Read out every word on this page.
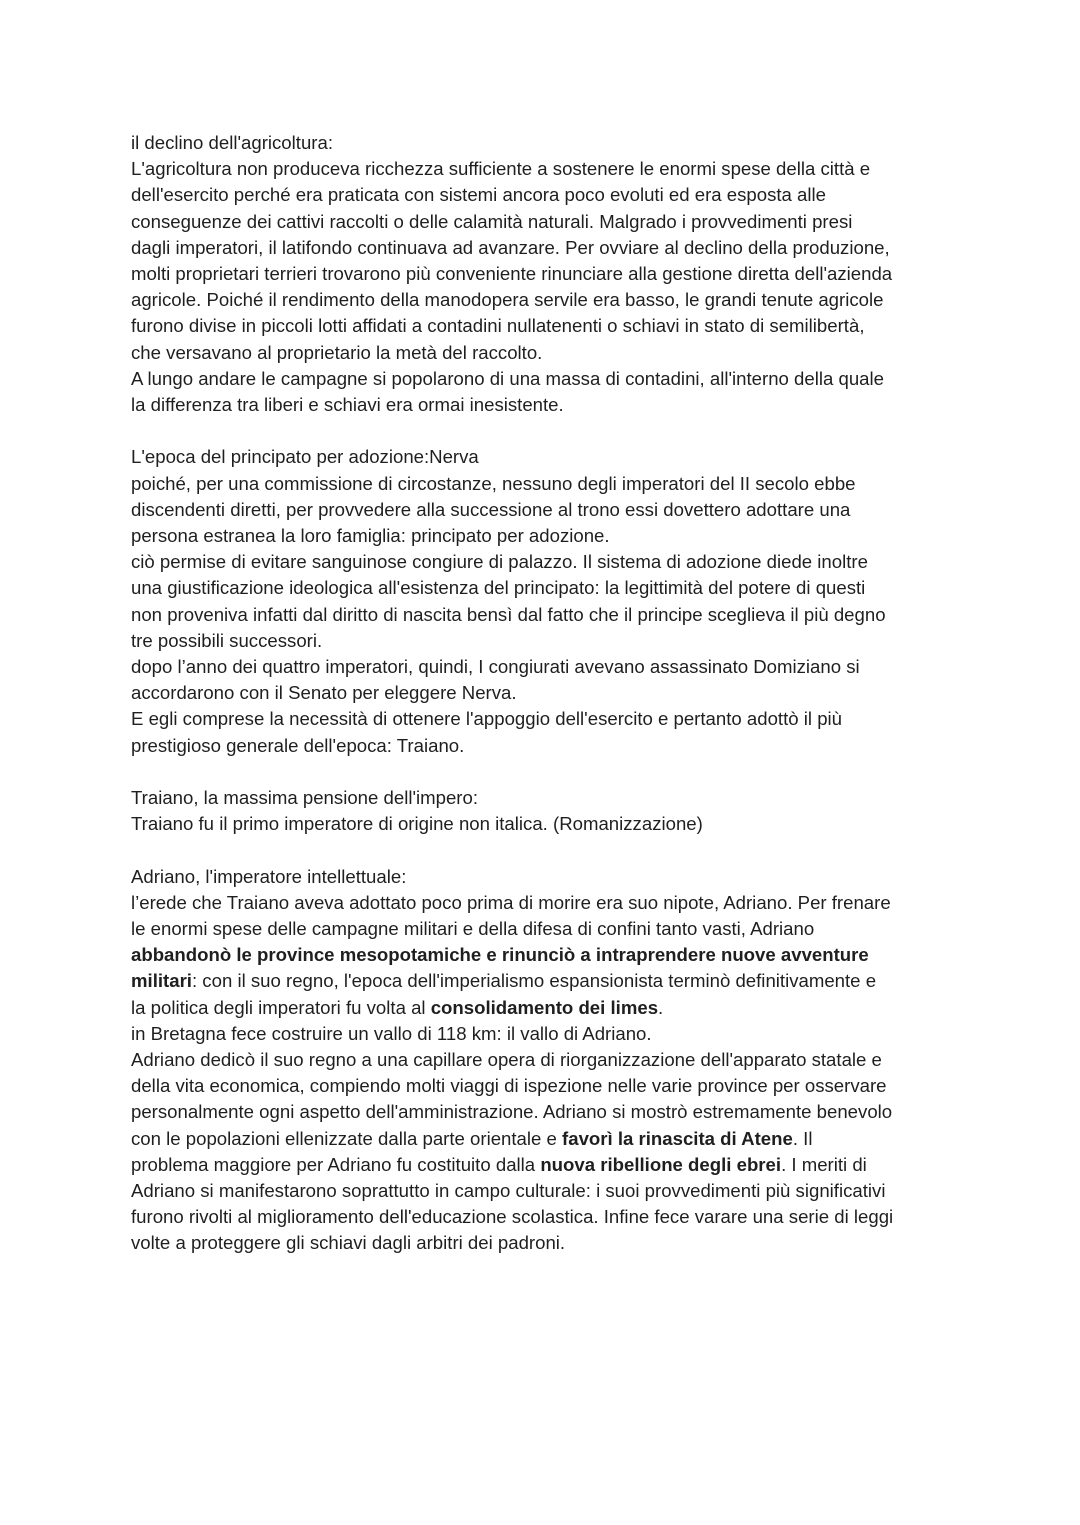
il declino dell'agricoltura:

L'agricoltura non produceva ricchezza sufficiente a sostenere le enormi spese della città e

dell'esercito perché era praticata con sistemi ancora poco evoluti ed era esposta alle

conseguenze dei cattivi raccolti o delle calamità naturali. Malgrado i provvedimenti presi

dagli imperatori, il latifondo continuava ad avanzare. Per ovviare al declino della produzione,

molti proprietari terrieri trovarono più conveniente rinunciare alla gestione diretta dell'azienda

agricole. Poiché il rendimento della manodopera servile era basso, le grandi tenute agricole

furono divise in piccoli lotti affidati a contadini nullatenenti o schiavi in stato di semilibertà,

che versavano al proprietario la metà del raccolto.

A lungo andare le campagne si popolarono di una massa di contadini, all'interno della quale

la differenza tra liberi e schiavi era ormai inesistente.

L'epoca del principato per adozione:Nerva

poiché, per una commissione di circostanze, nessuno degli imperatori del II secolo ebbe

discendenti diretti, per provvedere alla successione al trono essi dovettero adottare una

persona estranea la loro famiglia: principato per adozione.

ciò permise di evitare sanguinose congiure di palazzo. Il sistema di adozione diede inoltre

una giustificazione ideologica all'esistenza del principato: la legittimità del potere di questi

non proveniva infatti dal diritto di nascita bensì dal fatto che il principe sceglieva il più degno

tre possibili successori.

dopo l’anno dei quattro imperatori, quindi, I congiurati avevano assassinato Domiziano si

accordarono con il Senato per eleggere Nerva.

E egli comprese la necessità di ottenere l'appoggio dell'esercito e pertanto adottò il più

prestigioso generale dell'epoca: Traiano.

Traiano, la massima pensione dell'impero:

Traiano fu il primo imperatore di origine non italica. (Romanizzazione)

Adriano, l'imperatore intellettuale:

l’erede che Traiano aveva adottato poco prima di morire era suo nipote, Adriano. Per frenare

le enormi spese delle campagne militari e della difesa di confini tanto vasti, Adriano

abbandonò le province mesopotamiche e rinunciò a intraprendere nuove avventure

militari: con il suo regno, l'epoca dell'imperialismo espansionista terminò definitivamente e

la politica degli imperatori fu volta al consolidamento dei limes.

in Bretagna fece costruire un vallo di 118 km: il vallo di Adriano.

Adriano dedicò il suo regno a una capillare opera di riorganizzazione dell'apparato statale e

della vita economica, compiendo molti viaggi di ispezione nelle varie province per osservare

personalmente ogni aspetto dell'amministrazione. Adriano si mostrò estremamente benevolo

con le popolazioni ellenizzate dalla parte orientale e favorì la rinascita di Atene. Il

problema maggiore per Adriano fu costituito dalla nuova ribellione degli ebrei. I meriti di

Adriano si manifestarono soprattutto in campo culturale: i suoi provvedimenti più significativi

furono rivolti al miglioramento dell'educazione scolastica. Infine fece varare una serie di leggi

volte a proteggere gli schiavi dagli arbitri dei padroni.
